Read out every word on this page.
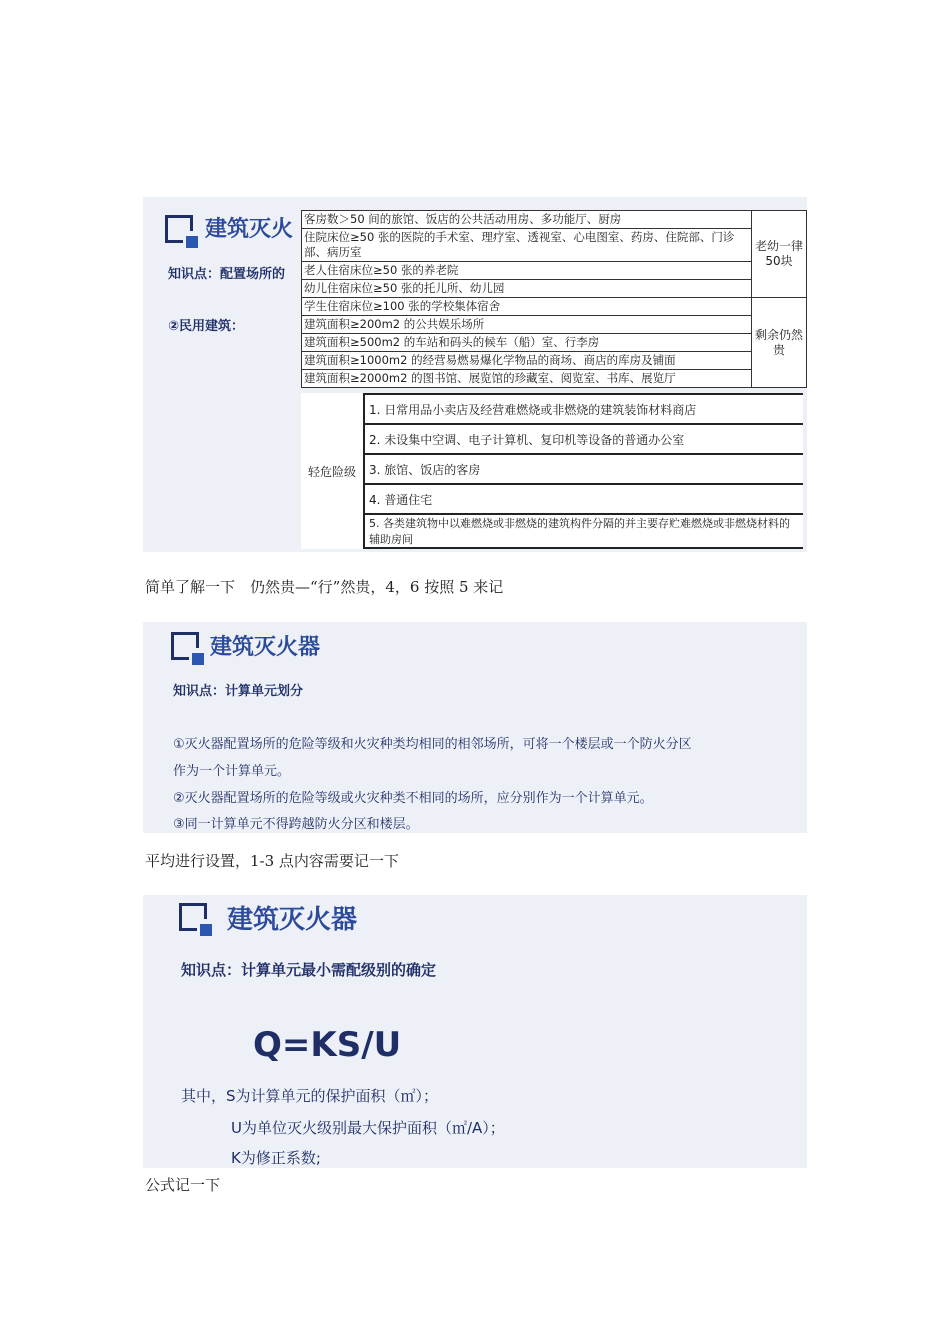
建筑灭火
知识点：配置场所的
②民用建筑：
客房数＞50 间的旅馆、饭店的公共活动用房、多功能厅、厨房	老幼一律50块
住院床位≥50 张的医院的手术室、理疗室、透视室、心电图室、药房、住院部、门诊部、病历室	
老人住宿床位≥50 张的养老院	
幼儿住宿床位≥50 张的托儿所、幼儿园	
学生住宿床位≥100 张的学校集体宿舍	剩余仍然贵
建筑面积≥200m2 的公共娱乐场所	
建筑面积≥500m2 的车站和码头的候车（船）室、行李房	
建筑面积≥1000m2 的经营易燃易爆化学物品的商场、商店的库房及铺面	
建筑面积≥2000m2 的图书馆、展览馆的珍藏室、阅览室、书库、展览厅	
轻危险级	1. 日常用品小卖店及经营难燃烧或非燃烧的建筑装饰材料商店
2. 未设集中空调、电子计算机、复印机等设备的普通办公室
3. 旅馆、饭店的客房
4. 普通住宅
5. 各类建筑物中以难燃烧或非燃烧的建筑构件分隔的并主要存贮难燃烧或非燃烧材料的辅助房间
简单了解一下　仍然贵—“行”然贵，4，6 按照 5 来记
建筑灭火器
知识点：计算单元划分
①灭火器配置场所的危险等级和火灾种类均相同的相邻场所，可将一个楼层或一个防火分区
作为一个计算单元。
②灭火器配置场所的危险等级或火灾种类不相同的场所，应分别作为一个计算单元。
③同一计算单元不得跨越防火分区和楼层。
平均进行设置，1-3 点内容需要记一下
建筑灭火器
知识点：计算单元最小需配级别的确定
Q=KS/U
其中，S为计算单元的保护面积（㎡）；
U为单位灭火级别最大保护面积（㎡/A）；
K为修正系数;
公式记一下
